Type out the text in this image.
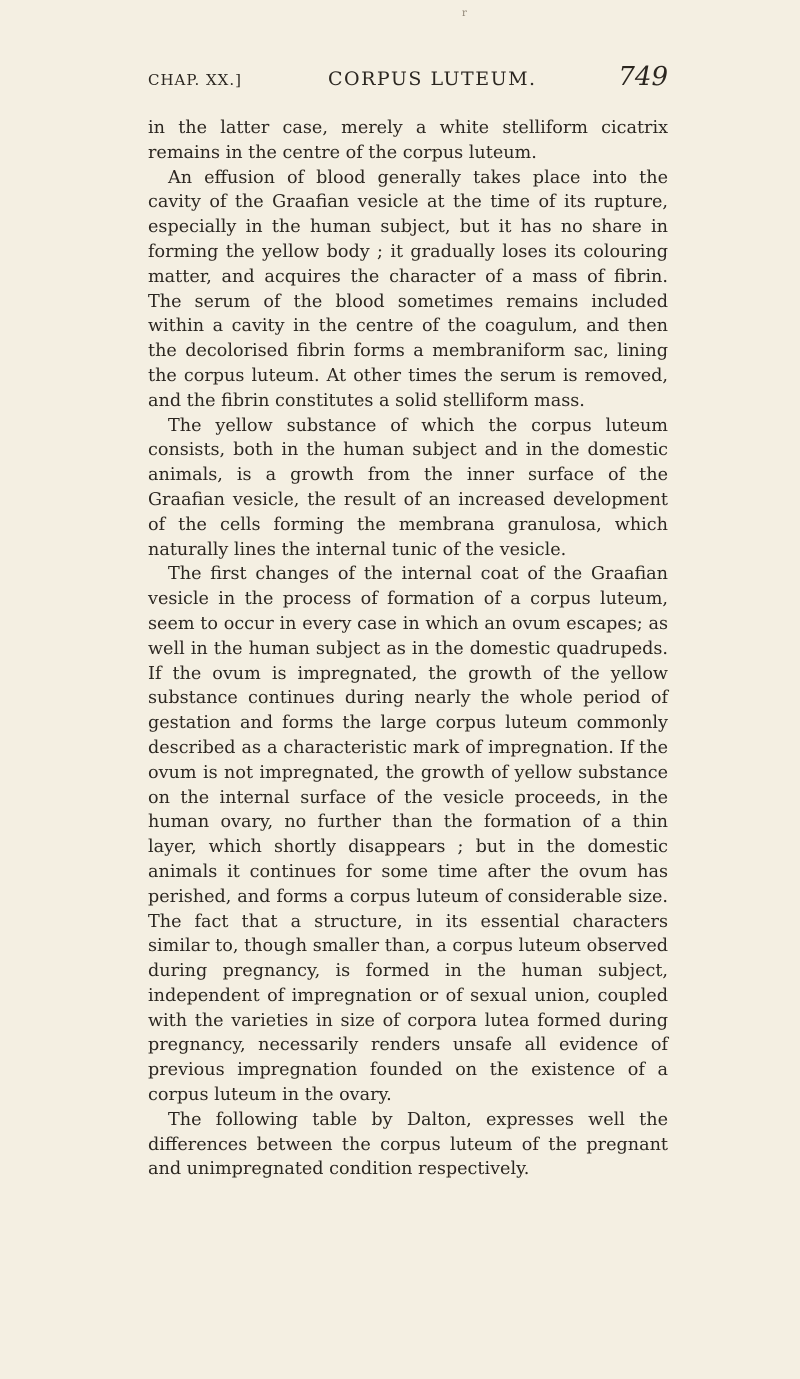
r
CHAP. XX.]	CORPUS LUTEUM.	749

in the latter case, merely a white stelliform cicatrix remains in the centre of the corpus luteum.

An effusion of blood generally takes place into the cavity of the Graafian vesicle at the time of its rupture, especially in the human subject, but it has no share in forming the yellow body ; it gradually loses its colouring matter, and acquires the character of a mass of fibrin. The serum of the blood sometimes remains included within a cavity in the centre of the coagulum, and then the decolorised fibrin forms a membraniform sac, lining the corpus luteum. At other times the serum is removed, and the fibrin constitutes a solid stelliform mass.

The yellow substance of which the corpus luteum consists, both in the human subject and in the domestic animals, is a growth from the inner surface of the Graafian vesicle, the result of an increased development of the cells forming the membrana granulosa, which naturally lines the internal tunic of the vesicle.

The first changes of the internal coat of the Graafian vesicle in the process of formation of a corpus luteum, seem to occur in every case in which an ovum escapes; as well in the human subject as in the domestic quadrupeds. If the ovum is impregnated, the growth of the yellow substance continues during nearly the whole period of gestation and forms the large corpus luteum commonly described as a characteristic mark of impregnation. If the ovum is not impregnated, the growth of yellow substance on the internal surface of the vesicle proceeds, in the human ovary, no further than the formation of a thin layer, which shortly disappears ; but in the domestic animals it continues for some time after the ovum has perished, and forms a corpus luteum of considerable size. The fact that a structure, in its essential characters similar to, though smaller than, a corpus luteum observed during pregnancy, is formed in the human subject, independent of impregnation or of sexual union, coupled with the varieties in size of corpora lutea formed during pregnancy, necessarily renders unsafe all evidence of previous impregnation founded on the existence of a corpus luteum in the ovary.

The following table by Dalton, expresses well the differences between the corpus luteum of the pregnant and unimpregnated condition respectively.
